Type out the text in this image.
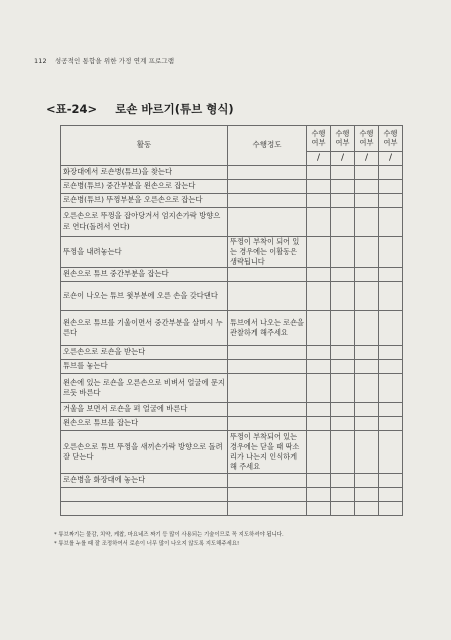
112 성공적인 통합을 위한 가정 연계 프로그램
<표-24> 로숀 바르기(튜브 형식)
활동	수행정도	수행 여부	수행 여부	수행 여부	수행 여부
		/	/	/	/
화장대에서 로숀병(튜브)을 찾는다					
로숀병(튜브) 중간부분을 왼손으로 잡는다					
로숀병(튜브) 뚜껑부분을 오른손으로 잡는다					
오른손으로 뚜껑을 잡아당겨서 엄지손가락 방향으로 연다(돌려서 연다)					
뚜껑을 내려놓는다	뚜껑이 부착이 되어 있는 경우에는 이활동은 생략됩니다				
왼손으로 튜브 중간부분을 잡는다					
로숀이 나오는 튜브 윗부분에 오른 손을 갖다댄다					
왼손으로 튜브를 기울이면서 중간부분을 살며시 누른다	튜브에서 나오는 로숀을 관찰하게 해주세요				
오른손으로 로숀을 받는다					
튜브를 놓는다					
왼손에 있는 로숀을 오른손으로 비벼서 얼굴에 문지르듯 바른다					
거울을 보면서 로숀을 펴 얼굴에 바른다					
왼손으로 튜브를 잡는다					
오른손으로 튜브 뚜껑을 새끼손가락 방향으로 돌려 잘 닫는다	뚜껑이 부착되어 있는 경우에는 닫을 때 딱소리가 나는지 인식하게 해 주세요				
로숀병을 화장대에 놓는다					

* 튜브짜기는 물감, 치약, 케찹, 마요네즈 짜기 등 많이 사용되는 기술이므로 꼭 지도하셔야 됩니다.
* 튜브를 누를 때 잘 조정하여서 로숀이 너무 많이 나오지 않도록 지도해주세요!
